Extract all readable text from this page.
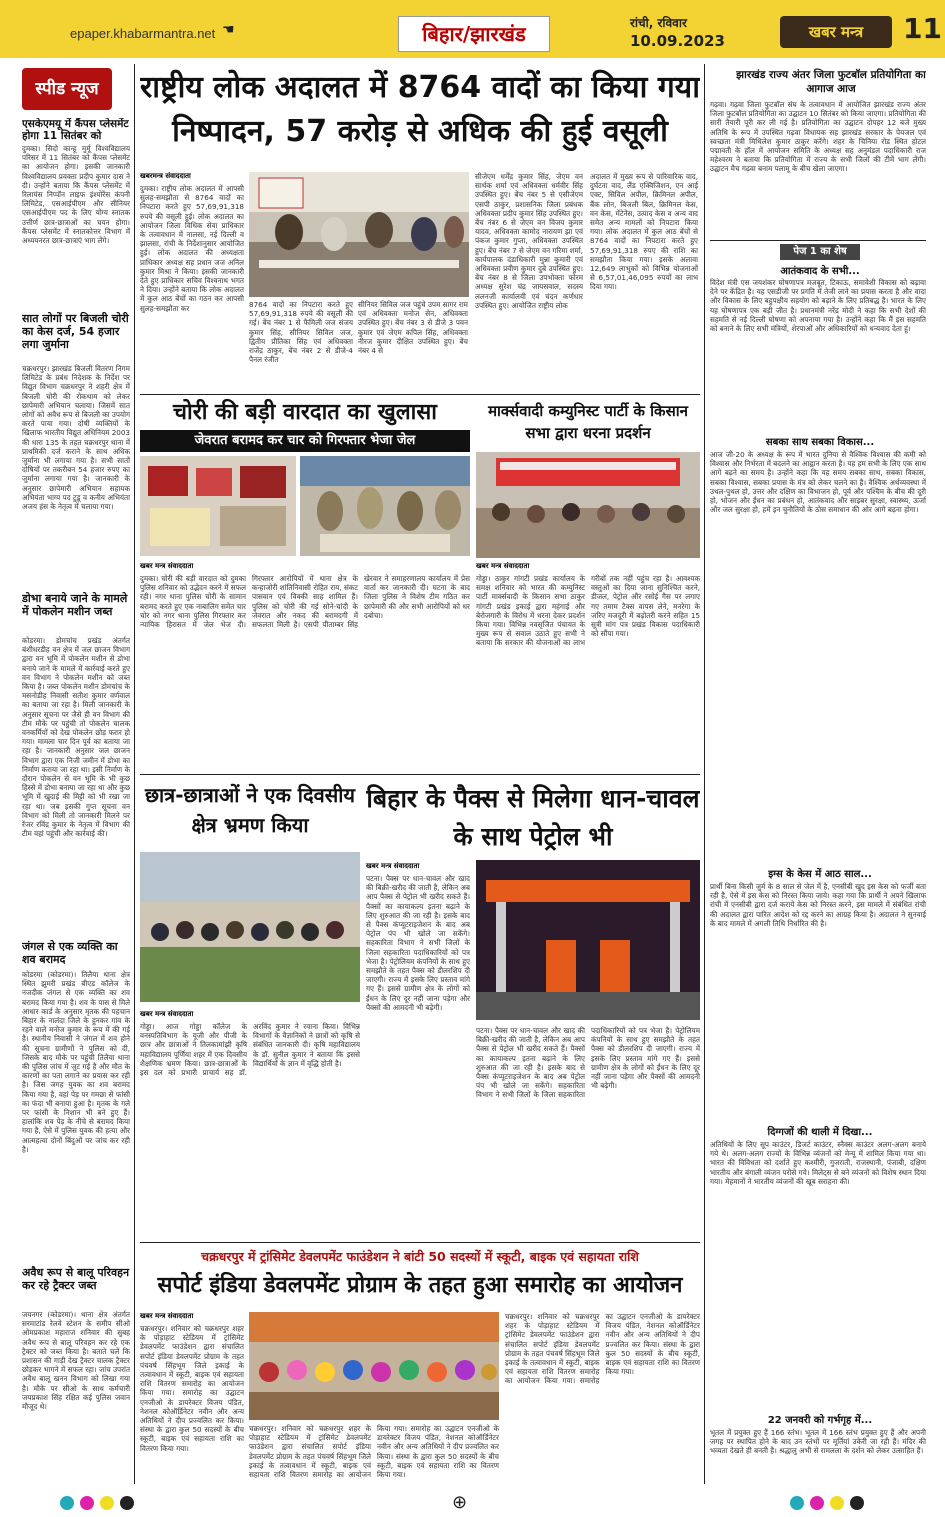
epaper.khabarmantra.net ☚	बिहार/झारखंड	रांची, रविवार
10.09.2023	खबर मन्त्र	11
स्पीड न्यूज
एसकेएमयू में कैंपस प्लेसमेंट होगा 11 सितंबर को
दुमका। सिदो कान्हू मुर्मू विश्वविद्यालय परिसर में 11 सितंबर को कैंपस प्लेसमेंट का आयोजन होगा। इसकी जानकारी विश्वविद्यालय प्रवक्ता प्रदीप कुमार दास ने दी। उन्होंने बताया कि कैंपस प्लेसमेंट में रिलायंस निप्पॉन लाइफ इंश्योरेंस कंपनी लिमिटेड, एसआईपीएम और सीनियर एसआईपीएम पद के लिए योग्य स्नातक उत्तीर्ण छात्र-छात्राओं का चयन होगा। कैंपस प्लेसमेंट में स्नातकोत्तर विभाग में अध्ययनरत छात्र-छात्राएं भाग लेंगे।
सात लोगों पर बिजली चोरी का केस दर्ज, 54 हजार लगा जुर्माना
चक्रधरपुर। झारखंड बिजली वितरण निगम लिमिटेड के प्रबंध निदेशक के निर्देश पर विद्युत विभाग चक्रधरपुर ने शहरी क्षेत्र में बिजली चोरी की रोकथाम को लेकर छापेमारी अभियान चलाया। जिसमें सात लोगों को अवैध रूप से बिजली का उपयोग करते पाया गया। दोषी व्यक्तियों के खिलाफ भारतीय विद्युत अधिनियम 2003 की धारा 135 के तहत चक्रधरपुर थाना में प्राथमिकी दर्ज कराने के साथ अधिक जुर्माना भी लगाया गया है। सभी सातों दोषियों पर तकरीबन 54 हजार रुपए का जुर्माना लगाया गया है। जानकारी के अनुसार छापेमारी अभियान सहायक अभियंता भाग्य पद टुडू व कनीय अभियंता अजय हंस के नेतृत्व में चलाया गया।
डोभा बनाये जाने के मामले में पोकलेन मशीन जब्त
कोडरमा। डोमचांच प्रखंड अंतर्गत बंशीधरडीह वन क्षेत्र में जल छाजन विभाग द्वारा वन भूमि में पोकलेन मशीन से डोभा बनाये जाने के मामले में कार्रवाई करते हुए वन विभाग ने पोकलेन मशीन को जब्त किया है। जब्त पोकलेन मशीन डोमचांच के मसनोडीह निवासी सतीश कुमार वर्णवाल का बताया जा रहा है। मिली जानकारी के अनुसार सूचना पर जैसे ही वन विभाग की टीम मौके पर पहुंची तो पोकलेन चालक वनकर्मियों को देख पोकलेन छोड़ फरार हो गया। मामला चार दिन पूर्व का बताया जा रहा है। जानकारी अनुसार जल छाजन विभाग द्वारा एक निजी जमीन में डोभा का निर्माण कराया जा रहा था। इसी निर्माण के दौरान पोकलेन से वन भूमि के भी कुछ हिस्से में डोभा बनाया जा रहा था और कुछ भूमि में खुदाई की मिट्टी को भी रखा जा रहा था। जब इसकी गुप्त सूचना वन विभाग को मिली तो जानकारी मिलने पर रेंजर रविंद्र कुमार के नेतृत्व में विभाग की टीम वहां पहुंची और कार्रवाई की।
जंगल से एक व्यक्ति का शव बरामद
कोडरमा (कोडरमा)। तिलैया थाना क्षेत्र स्थित झुमरी प्रखंड बीएड कॉलेज के नजदीक जंगल से एक व्यक्ति का शव बरामद किया गया है। शव के पास से मिले आधार कार्ड के अनुसार मृतक की पहचान बिहार के नालंदा जिले के हुनकर गांव के रहने वाले मनोज कुमार के रूप में की गई है। स्थानीय निवासी ने जंगल में शव होने की सूचना ग्रामीणों ने पुलिस को दी, जिसके बाद मौके पर पहुंची तिलैया थाना की पुलिस जांच में जुट गई है और मौत के कारणों का पता लगाने का प्रयास कर रही है। जिस जगह युवक का शव बरामद किया गया है, वहां पेड़ पर गमछा से फांसी का फंदा भी बनाया हुआ है। मृतक के गले पर फांसी के निशान भी बने हुए हैं। हालांकि शव पेड़ के नीचे से बरामद किया गया है, ऐसे में पुलिस युवक की हत्या और आत्महत्या दोनों बिंदुओं पर जांच कर रही है।
अवैध रूप से बालू परिवहन कर रहे ट्रैक्टर जब्त
जयनगर (कोडरमा)। थाना क्षेत्र अंतर्गत सरमाटांड रेलवे स्टेशन के समीप सीओ ओमप्रकाश महाराज शनिवार की सुबह अवैध रूप से बालू परिवहन कर रहे एक ट्रैक्टर को जब्त किया है। बताते चलें कि प्रशासन की गाड़ी देख ट्रैक्टर चालक ट्रैक्टर छोड़कर भागने में सफल रहा। जांच उपरांत अवैध बालू खनन विभाग को लिखा गया है। मौके पर सीओ के साथ कर्मचारी जयप्रकाश सिंह रक्षित कई पुलिस जवान मौजूद थे।
राष्ट्रीय लोक अदालत में 8764 वादों का किया गया निष्पादन, 57 करोड़ से अधिक की हुई वसूली
खबरमन्त्र संवाददाता
दुमका। राष्ट्रीय लोक अदालत में आपसी सुलह-समझौता से 8764 वादों का निपटारा करते हुए 57,69,91,318 रुपये की वसूली हुई। लोक अदालत का आयोजन जिला विधिक सेवा प्राधिकार के तत्वावधान में नालसा, नई दिल्ली व झालसा, रांची के निर्देशानुसार आयोजित हुई। लोक अदालत की अध्यक्षता प्राधिकार अध्यक्ष सह प्रधान जज अनिल कुमार मिश्रा ने किया। इसकी जानकारी देते हुए प्राधिकार सचिव विश्वनाथ भगत ने दिया। उन्होंने बताया कि लोक अदालत में कुल आठ बेंचों का गठन कर आपसी सुलह-समझौता कर	8764 वादों का निपटारा करते हुए 57,69,91,318 रुपये की वसूली की गई। बेंच नंबर 1 से फैमिली जज संजय कुमार सिंह, सीनियर सिविल जज, द्वितीय प्रीतिका सिंह एवं अधिवक्ता राजेंद्र ठाकुर, बेंच नंबर 2 से डीजे-4 पैनल रंजीत
सीनियर सिविल जज पहुंचे उपम सागर राम एवं अधिवक्ता मनोज सेन, अधिवक्ता उपस्थित हुए। बेंच नंबर 3 से डीजे 3 पवन कुमार एवं जेएम कपिल सिंह, अधिवक्ता नीरज कुमार दीक्षित उपस्थित हुए। बेंच नंबर 4 से
सीजेएम धर्मेंद्र कुमार सिंह, जेएम वन सार्थक शर्मा एवं अधिवक्ता धर्मवीर सिंह उपस्थित हुए। बेंच नंबर 5 से एसीजेएम एसपी ठाकुर, प्रशासनिक जिला प्रबंधक अधिवक्ता प्रदीप कुमार सिंह उपस्थित हुए। बेंच नंबर 6 से जेएम वन विजय कुमार यादव, अधिवक्ता कामोद नारायण झा एवं पंकज कुमार गुप्ता, अधिवक्ता उपस्थित हुए। बेंच नंबर 7 से जेएम वन गरिमा शर्मा, कार्यपालक दंडाधिकारी मुन्ना कुमारी एवं अधिवक्ता प्रवीण कुमार दुबे उपस्थित हुए। बेंच नंबर 8 से जिला उपभोक्ता फोरम अध्यक्ष सुरेश चंद्र जायसवाल, सदस्य ललनजी कार्यालयी एवं चंदन कर्णधार उपस्थित हुए। आयोजित राष्ट्रीय लोक
अदालत में मुख्य रूप से पारिवारिक वाद, दुर्घटना वाद, लैंड एक्विजिशन, एन आई एक्ट, सिविल अपील, क्रिमिनल अपील, बैंक लोन, बिजली बिल, क्रिमिनल केस, वन केस, मेंटेनेंस, उत्पाद केस व अन्य वाद समेत अन्य मामलों को निपटारा किया गया। लोक अदालत में कुल आठ बेंचों से 8764 वादों का निपटारा करते हुए 57,69,91,318 रुपए की राशि का समझौता किया गया। इसके अलावा 12,649 लाभुकों को विभिन्न योजनाओं से 6,57,01,46,095 रुपयों का लाभ दिया गया।
चोरी की बड़ी वारदात का खुलासा
जेवरात बरामद कर चार को गिरफ्तार भेजा जेल
खबर मन्त्र संवाददाता
दुमका। चोरी की बड़ी वारदात को दुमका पुलिस शनिवार को उद्भेदन करने में सफल रही। नगर थाना पुलिस चोरी के सामान बरामद करते हुए एक नाबालिग समेत चार चोर को नगर थाना पुलिस गिरफ्तार कर न्यायिक हिरासत में जेल भेज दी। गिरफ्तार आरोपियों में थाना क्षेत्र के कन्हाजोरी शांतिनिवासी रोहित राय, संकट पासवान एवं विक्की साह शामिल हैं। पुलिस को चोरी की गई सोने-चांदी के जेवरात और नकद की बरामदगी में सफलता मिली है। एसपी पीताम्बर सिंह खेरवार ने समाहरणालय कार्यालय में प्रेस वार्ता कर जानकारी दी। घटना के बाद जिला पुलिस ने विशेष टीम गठित कर छापेमारी की और सभी आरोपियों को धर दबोचा।
मार्क्सवादी कम्युनिस्ट पार्टी के किसान सभा द्वारा धरना प्रदर्शन
खबर मन्त्र संवाददाता
गोड्डा। ठाकुर गांगटी प्रखंड कार्यालय के समक्ष शनिवार को भारत की कम्युनिस्ट पार्टी मार्क्सवादी के किसान सभा ठाकुर गांगटी प्रखंड इकाई द्वारा महंगाई और बेरोजगारी के विरोध में धरना देकर प्रदर्शन किया गया। विभिन्न नवसृजित पंचायत के मुख्य रूप से सवाल उठाते हुए सभी ने बताया कि सरकार की योजनाओं का लाभ गरीबों तक नहीं पहुंच रहा है। आवश्यक वस्तुओं का दिया जाना सुनिश्चित करने, डीजल, पेट्रोल और रसोई गैस पर लगाए गए तमाम टैक्स वापस लेने, मनरेगा के जरिए मजदूरी में बढ़ोतरी करने सहित 15 सूत्री मांग पत्र प्रखंड विकास पदाधिकारी को सौंपा गया।
छात्र-छात्राओं ने एक दिवसीय क्षेत्र भ्रमण किया
खबर मन्त्र संवाददाता
गोड्डा। आज गोड्डा कॉलेज के वनस्पतिविभाग के यूजी और पीजी के छात्र और छात्राओं ने तिलकामांझी कृषि महाविद्यालय पूर्णिया शहर में एक दिवसीय शैक्षणिक भ्रमण किया। छात्र-छात्राओं के इस दल को प्रभारी प्राचार्य सह डॉ. अरविंद कुमार ने रवाना किया। विभिन्न विभागों के वैज्ञानिकों ने छात्रों को कृषि से संबंधित जानकारी दी। कृषि महाविद्यालय के डॉ. सुनील कुमार ने बताया कि इससे विद्यार्थियों के ज्ञान में वृद्धि होती है।
बिहार के पैक्स से मिलेगा धान-चावल के साथ पेट्रोल भी
खबर मन्त्र संवाददाता
पटना। पैक्स पर धान-चावल और खाद की बिक्री-खरीद की जाती है, लेकिन अब आप पैक्स से पेट्रोल भी खरीद सकते हैं। पैक्सों का कायाकल्प इतना बढ़ाने के लिए शुरुआत की जा रही है। इसके बाद से पैक्स कंप्यूटराइजेशन के बाद अब पेट्रोल पंप भी खोले जा सकेंगे। सहकारिता विभाग ने सभी जिलों के जिला सहकारिता पदाधिकारियों को पत्र भेजा है। पेट्रोलियम कंपनियों के साथ हुए समझौते के तहत पैक्स को डीलरशिप दी जाएगी। राज्य में इसके लिए प्रस्ताव मांगे गए हैं। इससे ग्रामीण क्षेत्र के लोगों को ईंधन के लिए दूर नहीं जाना पड़ेगा और पैक्सों की आमदनी भी बढ़ेगी।
पटना। पैक्स पर धान-चावल और खाद की बिक्री-खरीद की जाती है, लेकिन अब आप पैक्स से पेट्रोल भी खरीद सकते हैं। पैक्सों का कायाकल्प इतना बढ़ाने के लिए शुरुआत की जा रही है। इसके बाद से पैक्स कंप्यूटराइजेशन के बाद अब पेट्रोल पंप भी खोले जा सकेंगे। सहकारिता विभाग ने सभी जिलों के जिला सहकारिता पदाधिकारियों को पत्र भेजा है। पेट्रोलियम कंपनियों के साथ हुए समझौते के तहत पैक्स को डीलरशिप दी जाएगी। राज्य में इसके लिए प्रस्ताव मांगे गए हैं। इससे ग्रामीण क्षेत्र के लोगों को ईंधन के लिए दूर नहीं जाना पड़ेगा और पैक्सों की आमदनी भी बढ़ेगी।
चक्रधरपुर में ट्रांसिमेट डेवलपमेंट फाउंडेशन ने बांटी 50 सदस्यों में स्कूटी, बाइक एवं सहायता राशि
सपोर्ट इंडिया डेवलपमेंट प्रोग्राम के तहत हुआ समारोह का आयोजन
खबर मन्त्र संवाददाता
चक्रधरपुर। शनिवार को चक्रधरपुर शहर के पोड़ाहाट स्टेडियम में ट्रांसिमेट डेवलपमेंट फाउंडेशन द्वारा संचालित सपोर्ट इंडिया डेवलपमेंट प्रोग्राम के तहत पंचवर्ष सिंहभूम जिले इकाई के तत्वावधान में स्कूटी, बाइक एवं सहायता राशि वितरण समारोह का आयोजन किया गया। समारोह का उद्घाटन एनजीओ के डायरेक्टर विजय पंडित, नेशनल कोऑर्डिनेटर नवीन और अन्य अतिथियों ने दीप प्रज्वलित कर किया। संस्था के द्वारा कुल 50 सदस्यों के बीच स्कूटी, बाइक एवं सहायता राशि का वितरण किया गया।
चक्रधरपुर। शनिवार को चक्रधरपुर शहर के पोड़ाहाट स्टेडियम में ट्रांसिमेट डेवलपमेंट फाउंडेशन द्वारा संचालित सपोर्ट इंडिया डेवलपमेंट प्रोग्राम के तहत पंचवर्ष सिंहभूम जिले इकाई के तत्वावधान में स्कूटी, बाइक एवं सहायता राशि वितरण समारोह का आयोजन किया गया। समारोह का उद्घाटन एनजीओ के डायरेक्टर विजय पंडित, नेशनल कोऑर्डिनेटर नवीन और अन्य अतिथियों ने दीप प्रज्वलित कर किया। संस्था के द्वारा कुल 50 सदस्यों के बीच स्कूटी, बाइक एवं सहायता राशि का वितरण किया गया।
चक्रधरपुर। शनिवार को चक्रधरपुर शहर के पोड़ाहाट स्टेडियम में ट्रांसिमेट डेवलपमेंट फाउंडेशन द्वारा संचालित सपोर्ट इंडिया डेवलपमेंट प्रोग्राम के तहत पंचवर्ष सिंहभूम जिले इकाई के तत्वावधान में स्कूटी, बाइक एवं सहायता राशि वितरण समारोह का आयोजन किया गया। समारोह का उद्घाटन एनजीओ के डायरेक्टर विजय पंडित, नेशनल कोऑर्डिनेटर नवीन और अन्य अतिथियों ने दीप प्रज्वलित कर किया। संस्था के द्वारा कुल 50 सदस्यों के बीच स्कूटी, बाइक एवं सहायता राशि का वितरण किया गया।
झारखंड राज्य अंतर जिला फुटबॉल प्रतियोगिता का आगाज आज
गढ़वा। गढ़वा जिला फुटबॉल संघ के तत्वावधान में आयोजित झारखंड राज्य अंतर जिला फुटबॉल प्रतियोगिता का उद्घाटन 10 सितंबर को किया जाएगा। प्रतियोगिता की सारी तैयारी पूरी कर ली गई है। प्रतियोगिता का उद्घाटन दोपहर 12 बजे मुख्य अतिथि के रूप में उपस्थित गढ़वा विधायक सह झारखंड सरकार के पेयजल एवं स्वच्छता मंत्री मिथिलेश कुमार ठाकुर करेंगे। शहर के चिनिया रोड स्थित होटल पद्मावती के हॉल में आयोजन समिति के अध्यक्ष सह अनुमंडल पदाधिकारी राज महेश्वरम ने बताया कि प्रतियोगिता में राज्य के सभी जिलों की टीमें भाग लेंगी। उद्घाटन मैच गढ़वा बनाम पलामू के बीच खेला जाएगा।
पेज 1 का शेष
आतंकवाद के सभी...
विदेश मंत्री एस जयशंकर घोषणापत्र मजबूत, टिकाऊ, समावेशी विकास को बढ़ावा देने पर केंद्रित है। यह एसडीजी पर प्रगति में तेजी लाने का प्रयास करता है और वादा और विकास के लिए बहुपक्षीय सहयोग को बढ़ाने के लिए प्रतिबद्ध है। भारत के लिए यह घोषणापत्र एक बड़ी जीत है। प्रधानमंत्री नरेंद्र मोदी ने कहा कि सभी देशों की सहमति से नई दिल्ली घोषणा को अपनाया गया है। उन्होंने कहा कि मैं इस सहमति को बनाने के लिए सभी मंत्रियों, शेरपाओं और अधिकारियों को धन्यवाद देता हूं।
सबका साथ सबका विकास...
आज जी-20 के अध्यक्ष के रूप में भारत दुनिया से वैश्विक विश्वास की कमी को विश्वास और निर्भरता में बदलने का आह्वान करता है। यह हम सभी के लिए एक साथ आगे बढ़ने का समय है। उन्होंने कहा कि यह समय सबका साथ, सबका विकास, सबका विश्वास, सबका प्रयास के मंत्र को लेकर चलने का है। वैश्विक अर्थव्यवस्था में उथल-पुथल हो, उत्तर और दक्षिण का विभाजन हो, पूर्व और पश्चिम के बीच की दूरी हो, भोजन और ईंधन का प्रबंधन हो, आतंकवाद और साइबर सुरक्षा, स्वास्थ्य, ऊर्जा और जल सुरक्षा हो, हमें इन चुनौतियों के ठोस समाधान की ओर आगे बढ़ना होगा।
इग्स के केस में आठ साल...
प्रार्थी बिना किसी जुर्म के 8 साल से जेल में है, एनसीबी खुद इस केस को फर्जी बता रही है, ऐसे में इस केस को निरस्त किया जाये। कहा गया कि प्रार्थी ने अपने खिलाफ रांची में एनसीबी द्वारा दर्ज कराये केस को निरस्त करने, इस मामले में संबंधित रांची की अदालत द्वारा पारित आदेश को रद्द करने का आग्रह किया है। अदालत ने सुनवाई के बाद मामले में अगली तिथि निर्धारित की है।
दिग्गजों की थाली में दिखा...
अतिथियों के लिए सूप काउंटर, डिजर्ट काउंटर, स्नैक्स काउंटर अलग-अलग बनाये गये थे। अलग-अलग राज्यों के विभिन्न व्यंजनों को मेन्यू में शामिल किया गया था। भारत की विविधता को दर्शाते हुए कश्मीरी, गुजराती, राजस्थानी, पंजाबी, दक्षिण भारतीय और बंगाली व्यंजन परोसे गये। मिलेट्स से बने व्यंजनों को विशेष स्थान दिया गया। मेहमानों ने भारतीय व्यंजनों की खूब सराहना की।
22 जनवरी को गर्भगृह में...
भूतल में प्रयुक्त हुए हैं 166 स्तंभ। भूतल में 166 स्तंभ प्रयुक्त हुए हैं और अपनी जगह पर स्थापित होने के बाद उन स्तंभों पर मूर्तियां उकेरी जा रही हैं। मंदिर की भव्यता देखते ही बनती है। श्रद्धालु अभी से रामलला के दर्शन को लेकर उत्साहित हैं।
⊕
